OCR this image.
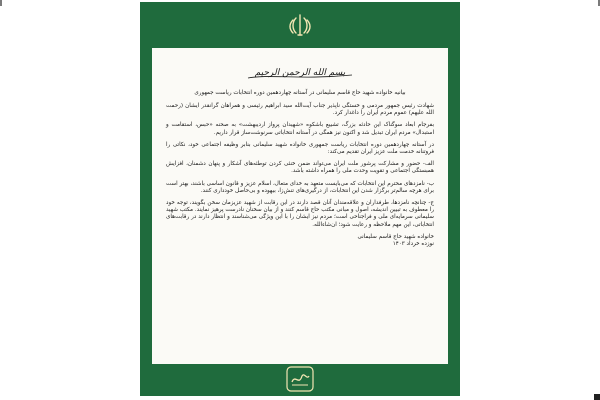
بسم الله الرحمن الرحیم

بیانیه خانواده شهید حاج قاسم سلیمانی در آستانه چهاردهمین دوره انتخابات ریاست جمهوری

شهادت رئیس جمهور مردمی و خستگی ناپذیر جناب آیت‌الله سید ابراهیم رئیسی و همراهان گرانقدر ایشان (رحمت الله علیهم) عموم مردم ایران را داغدار کرد.

بفرجام ابعاد سوگناک این حادثه بزرگ، تشییع باشکوه «شهیدان پرواز اردیبهشت» به صحنه «حبس، استقامت و استبدال» مردم ایران تبدیل شد و اکنون نیز همگی در آستانه انتخاباتی سرنوشت‌ساز قرار داریم.

در آستانه چهاردهمین دوره انتخابات ریاست جمهوری خانواده شهید سلیمانی بنابر وظیفه اجتماعی خود، نکاتی را فروتنانه خدمت ملت عزیز ایران تقدیم می‌کند:

الف- حضور و مشارکت پرشور ملت ایران می‌تواند ضمن خنثی کردن توطئه‌های آشکار و پنهان دشمنان، افزایش همبستگی اجتماعی و تقویت وحدت ملی را همراه داشته باشد.

ب- نامزدهای محترم این انتخابات که می‌بایست متعهد به خدای متعال، اسلام عزیز و قانون اساسی باشند، بهتر است برای هرچه سالم‌تر برگزار شدن این انتخابات، از درگیری‌های تنش‌زا، بیهوده و بی‌حاصل خودداری کنند.

ج- چنانچه نامزدها، طرفداران و علاقه‌مندان آنان قصد دارند در این رقابت از شهید عزیزمان سخن بگویند، توجه خود را معطوف به تبیین اندیشه، اصول و مبانی مکتب حاج قاسم کنند و از بیان سخنان نادرست پرهیز نمایند. مکتب شهید سلیمانی سرمایه‌ای ملی و فراجناحی است؛ مردم نیز ایشان را با این ویژگی می‌شناسند و انتظار دارند در رقابت‌های انتخاباتی، این مهم ملاحظه و رعایت شود؛ ان‌شاءالله.

خانواده شهید حاج قاسم سلیمانی
نوزده خرداد ۱۴۰۳
